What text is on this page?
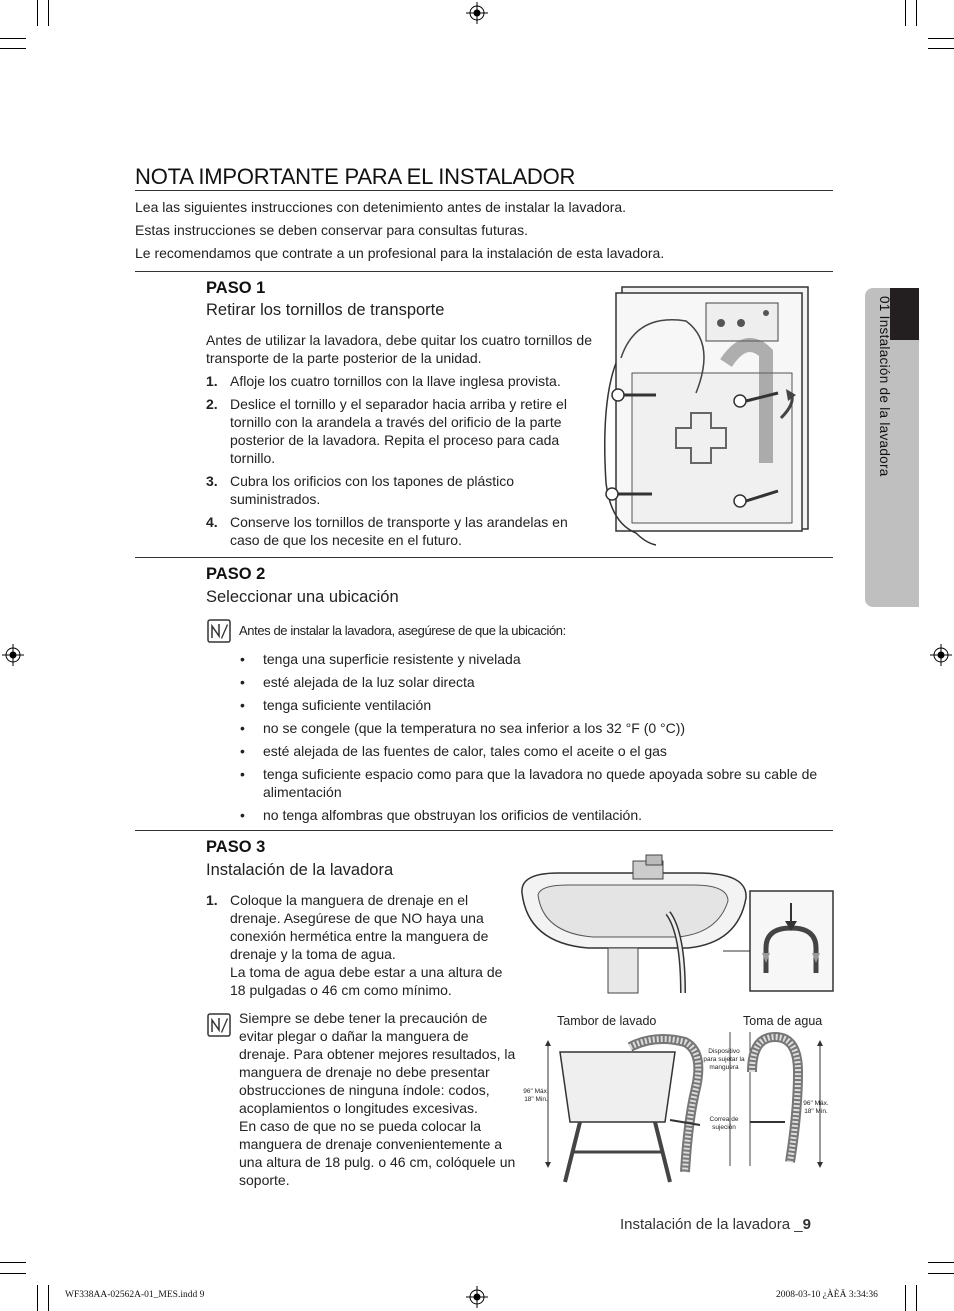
NOTA IMPORTANTE PARA EL INSTALADOR
Lea las siguientes instrucciones con detenimiento antes de instalar la lavadora.
Estas instrucciones se deben conservar para consultas futuras.
Le recomendamos que contrate a un profesional para la instalación de esta lavadora.
PASO 1
Retirar los tornillos de transporte
Antes de utilizar la lavadora, debe quitar los cuatro tornillos de transporte de la parte posterior de la unidad.
1. Afloje los cuatro tornillos con la llave inglesa provista.
2. Deslice el tornillo y el separador hacia arriba y retire el tornillo con la arandela a través del orificio de la parte posterior de la lavadora. Repita el proceso para cada tornillo.
3. Cubra los orificios con los tapones de plástico suministrados.
4. Conserve los tornillos de transporte y las arandelas en caso de que los necesite en el futuro.
01 Instalación de la lavadora
PASO 2
Seleccionar una ubicación
Antes de instalar la lavadora, asegúrese de que la ubicación:
• tenga una superficie resistente y nivelada
• esté alejada de la luz solar directa
• tenga suficiente ventilación
• no se congele (que la temperatura no sea inferior a los 32 °F (0 °C))
• esté alejada de las fuentes de calor, tales como el aceite o el gas
• tenga suficiente espacio como para que la lavadora no quede apoyada sobre su cable de alimentación
• no tenga alfombras que obstruyan los orificios de ventilación.
PASO 3
Instalación de la lavadora
1. Coloque la manguera de drenaje en el drenaje. Asegúrese de que NO haya una conexión hermética entre la manguera de drenaje y la toma de agua.
La toma de agua debe estar a una altura de 18 pulgadas o 46 cm como mínimo.
Siempre se debe tener la precaución de evitar plegar o dañar la manguera de drenaje. Para obtener mejores resultados, la manguera de drenaje no debe presentar obstrucciones de ninguna índole: codos, acoplamientos o longitudes excesivas.
En caso de que no se pueda colocar la manguera de drenaje convenientemente a una altura de 18 pulg. o 46 cm, colóquele un soporte.
Tambor de lavado	Toma de agua
Dispositivo para sujetar la manguera
Correa de sujeción
96" Máx. 18" Min.
96" Máx. 18" Min.
Instalación de la lavadora _9
WF338AA-02562A-01_MES.indd 9	2008-03-10 ¿ÀÈÄ 3:34:36
